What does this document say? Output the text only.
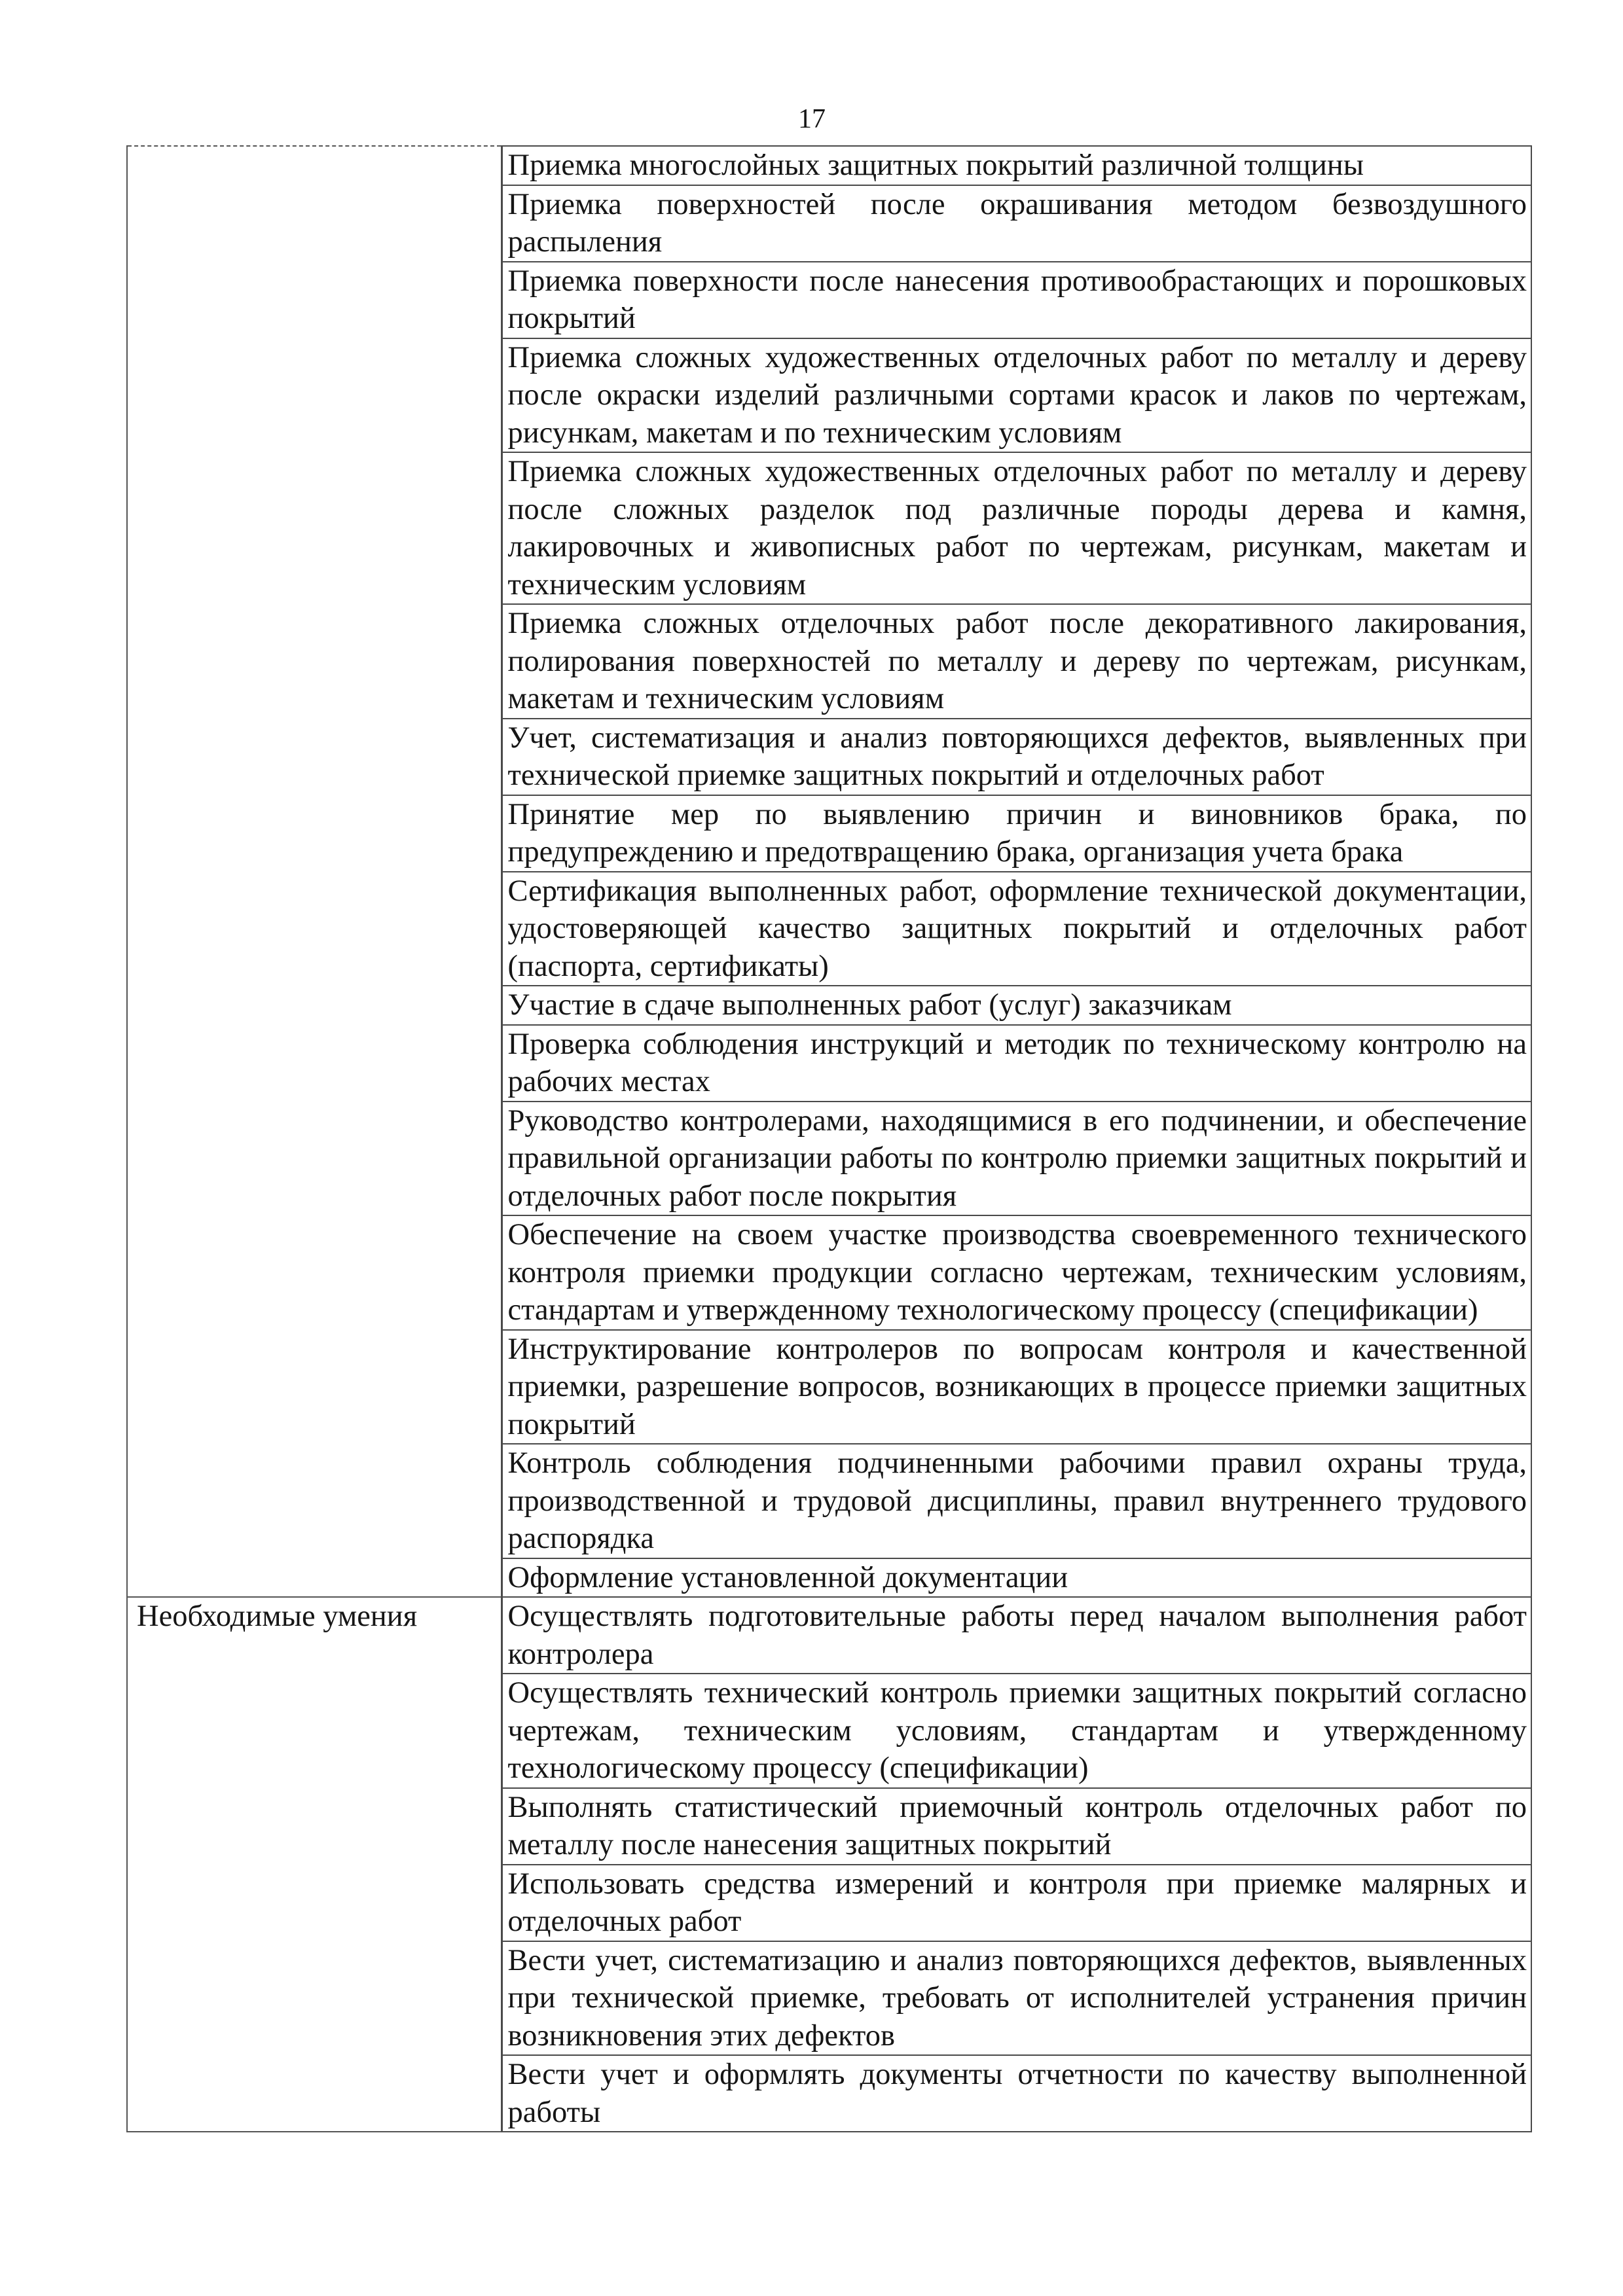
17
	Приемка многослойных защитных покрытий различной толщины
	Приемка поверхностей после окрашивания методом безвоздушного распыления
	Приемка поверхности после нанесения противообрастающих и порошковых покрытий
	Приемка сложных художественных отделочных работ по металлу и дереву после окраски изделий различными сортами красок и лаков по чертежам, рисункам, макетам и по техническим условиям
	Приемка сложных художественных отделочных работ по металлу и дереву после сложных разделок под различные породы дерева и камня, лакировочных и живописных работ по чертежам, рисункам, макетам и техническим условиям
	Приемка сложных отделочных работ после декоративного лакирования, полирования поверхностей по металлу и дереву по чертежам, рисункам, макетам и техническим условиям
	Учет, систематизация и анализ повторяющихся дефектов, выявленных при технической приемке защитных покрытий и отделочных работ
	Принятие мер по выявлению причин и виновников брака, по предупреждению и предотвращению брака, организация учета брака
	Сертификация выполненных работ, оформление технической документации, удостоверяющей качество защитных покрытий и отделочных работ (паспорта, сертификаты)
	Участие в сдаче выполненных работ (услуг) заказчикам
	Проверка соблюдения инструкций и методик по техническому контролю на рабочих местах
	Руководство контролерами, находящимися в его подчинении, и обеспечение правильной организации работы по контролю приемки защитных покрытий и отделочных работ после покрытия
	Обеспечение на своем участке производства своевременного технического контроля приемки продукции согласно чертежам, техническим условиям, стандартам и утвержденному технологическому процессу (спецификации)
	Инструктирование контролеров по вопросам контроля и качественной приемки, разрешение вопросов, возникающих в процессе приемки защитных покрытий
	Контроль соблюдения подчиненными рабочими правил охраны труда, производственной и трудовой дисциплины, правил внутреннего трудового распорядка
	Оформление установленной документации
Необходимые умения	Осуществлять подготовительные работы перед началом выполнения работ контролера
	Осуществлять технический контроль приемки защитных покрытий согласно чертежам, техническим условиям, стандартам и утвержденному технологическому процессу (спецификации)
	Выполнять статистический приемочный контроль отделочных работ по металлу после нанесения защитных покрытий
	Использовать средства измерений и контроля при приемке малярных и отделочных работ
	Вести учет, систематизацию и анализ повторяющихся дефектов, выявленных при технической приемке, требовать от исполнителей устранения причин возникновения этих дефектов
	Вести учет и оформлять документы отчетности по качеству выполненной работы
